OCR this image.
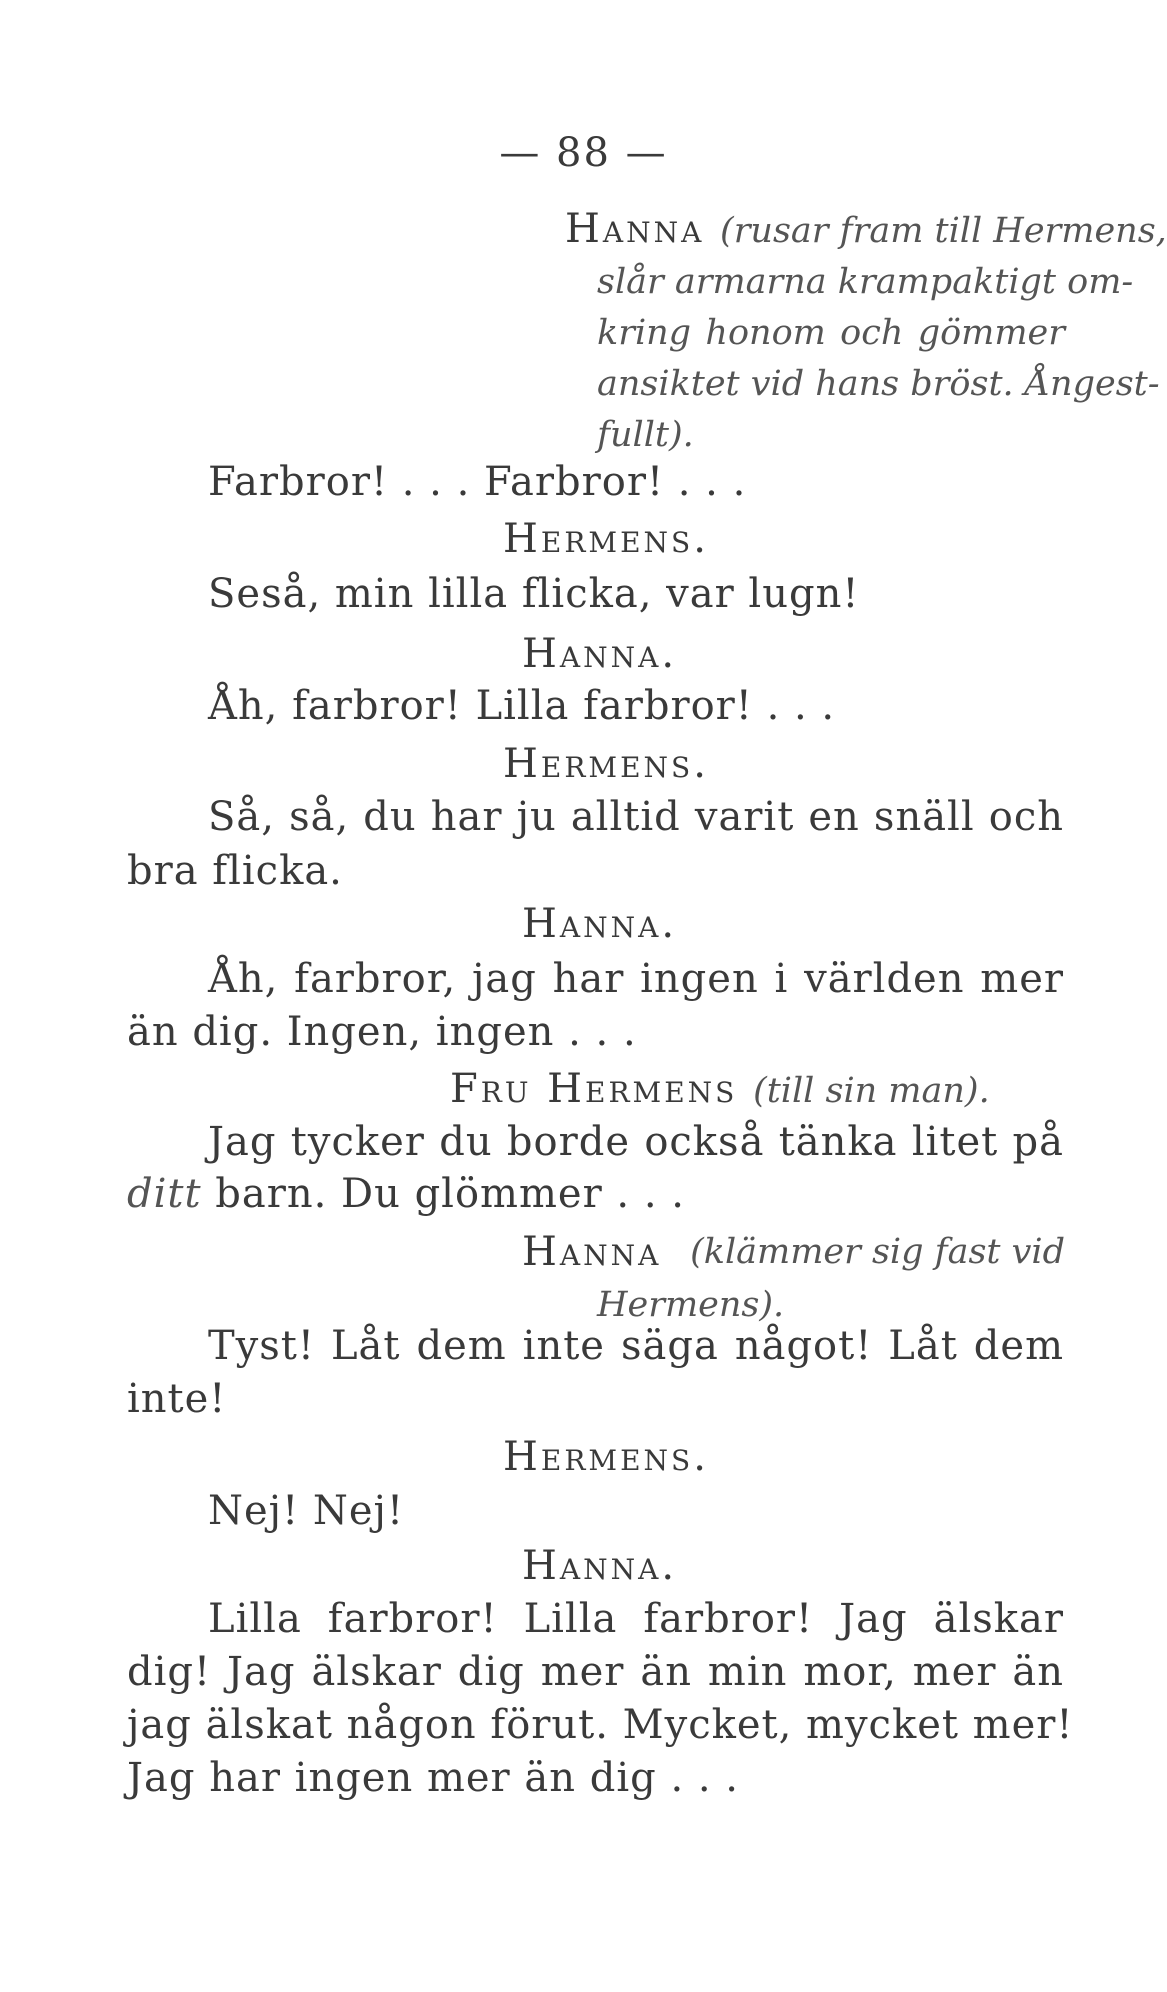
— 88 —
Hanna (rusar fram till Hermens,
slår armarna krampaktigt om-
kring honom och gömmer
ansiktet vid hans bröst. Ångest-
fullt).
Farbror! . . . Farbror! . . .
Hermens.
Seså, min lilla flicka, var lugn!
Hanna.
Åh, farbror! Lilla farbror! . . .
Hermens.
Så, så, du har ju alltid varit en snäll och
bra flicka.
Hanna.
Åh, farbror, jag har ingen i världen mer
än dig. Ingen, ingen . . .
Fru Hermens (till sin man).
Jag tycker du borde också tänka litet på
ditt barn. Du glömmer . . .
Hanna (klämmer sig fast vid
Hermens).
Tyst! Låt dem inte säga något! Låt dem
inte!
Hermens.
Nej! Nej!
Hanna.
Lilla farbror! Lilla farbror! Jag älskar
dig! Jag älskar dig mer än min mor, mer än
jag älskat någon förut. Mycket, mycket mer!
Jag har ingen mer än dig . . .
